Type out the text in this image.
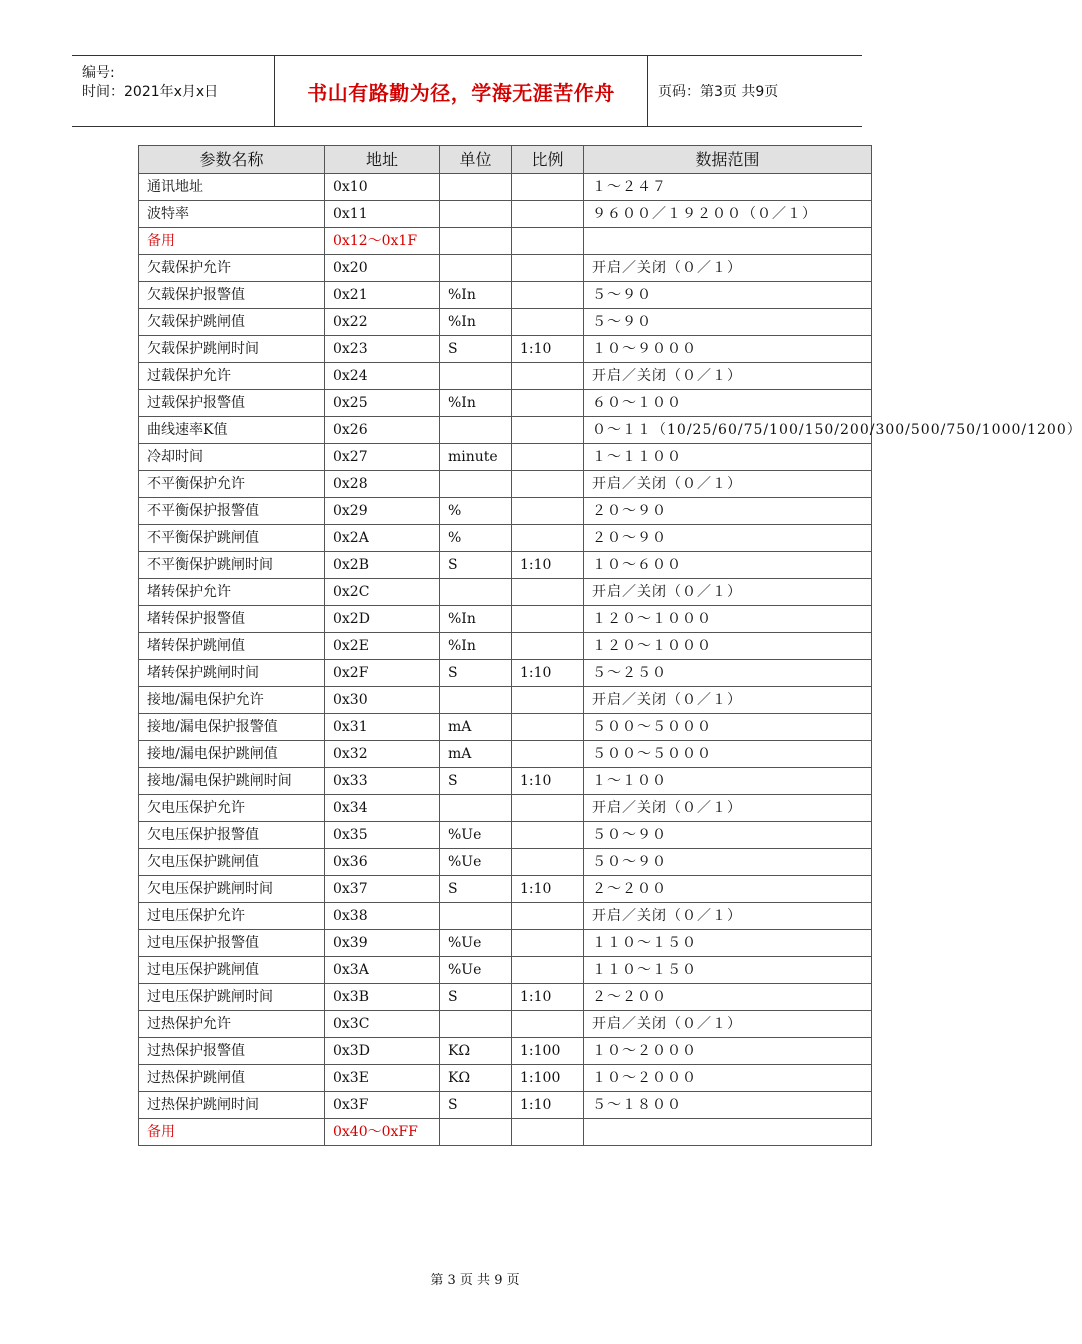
编号:
时间：2021年x月x日	书山有路勤为径，学海无涯苦作舟	页码：第3页 共9页
参数名称	地址	单位	比例	数据范围
通讯地址	0x10			１～２４７
波特率	0x11			９６００／１９２００（０／１）
备用	0x12～0x1F			
欠载保护允许	0x20			开启／关闭（０／１）
欠载保护报警值	0x21	%In		５～９０
欠载保护跳闸值	0x22	%In		５～９０
欠载保护跳闸时间	0x23	S	1:10	１０～９０００
过载保护允许	0x24			开启／关闭（０／１）
过载保护报警值	0x25	%In		６０～１００
曲线速率K值	0x26			０～１１（10/25/60/75/100/150/200/300/500/750/1000/1200）
冷却时间	0x27	minute		１～１１００
不平衡保护允许	0x28			开启／关闭（０／１）
不平衡保护报警值	0x29	%		２０～９０
不平衡保护跳闸值	0x2A	%		２０～９０
不平衡保护跳闸时间	0x2B	S	1:10	１０～６００
堵转保护允许	0x2C			开启／关闭（０／１）
堵转保护报警值	0x2D	%In		１２０～１０００
堵转保护跳闸值	0x2E	%In		１２０～１０００
堵转保护跳闸时间	0x2F	S	1:10	５～２５０
接地/漏电保护允许	0x30			开启／关闭（０／１）
接地/漏电保护报警值	0x31	mA		５００～５０００
接地/漏电保护跳闸值	0x32	mA		５００～５０００
接地/漏电保护跳闸时间	0x33	S	1:10	１～１００
欠电压保护允许	0x34			开启／关闭（０／１）
欠电压保护报警值	0x35	%Ue		５０～９０
欠电压保护跳闸值	0x36	%Ue		５０～９０
欠电压保护跳闸时间	0x37	S	1:10	２～２００
过电压保护允许	0x38			开启／关闭（０／１）
过电压保护报警值	0x39	%Ue		１１０～１５０
过电压保护跳闸值	0x3A	%Ue		１１０～１５０
过电压保护跳闸时间	0x3B	S	1:10	２～２００
过热保护允许	0x3C			开启／关闭（０／１）
过热保护报警值	0x3D	KΩ	1:100	１０～２０００
过热保护跳闸值	0x3E	KΩ	1:100	１０～２０００
过热保护跳闸时间	0x3F	S	1:10	５～１８００
备用	0x40～0xFF			
第 3 页 共 9 页
